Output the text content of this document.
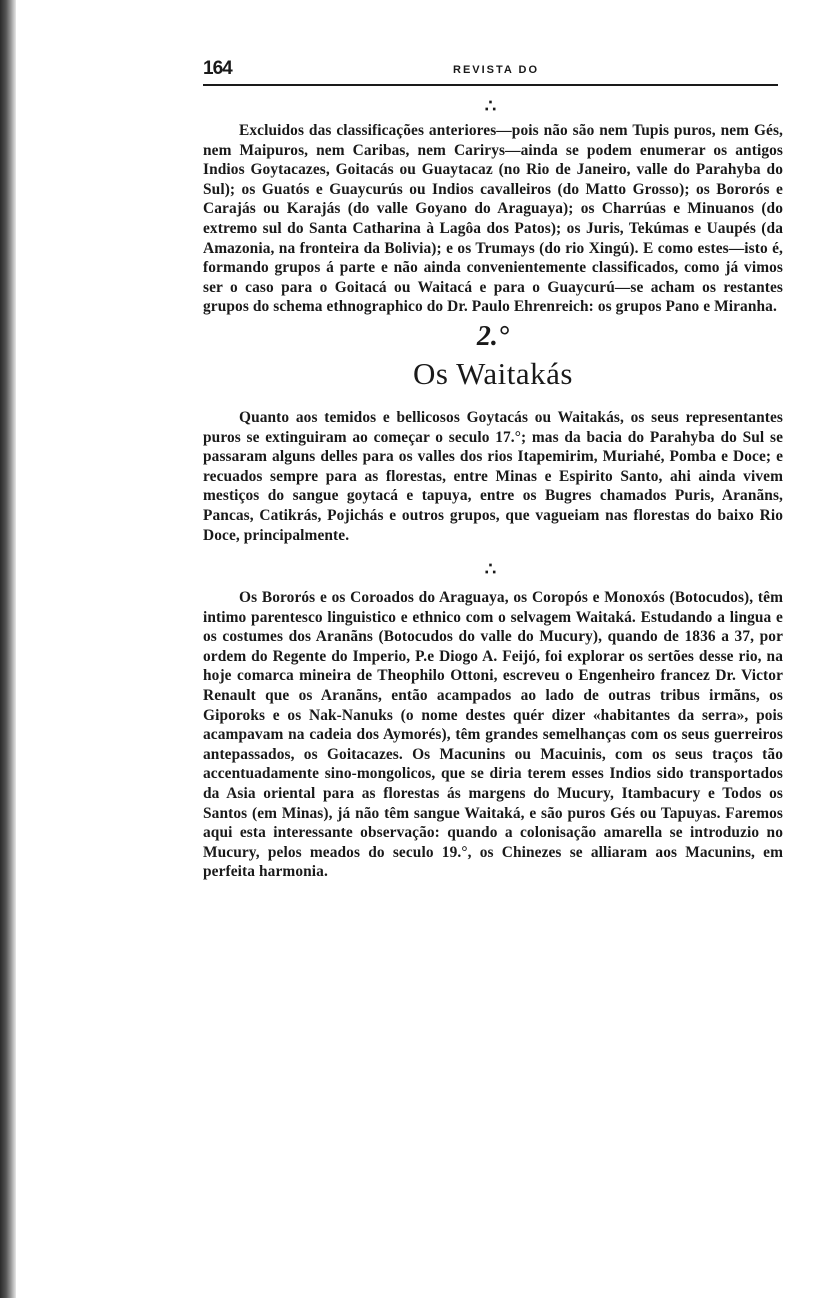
164	REVISTA DO
∴

Excluidos das classificações anteriores—pois não são nem Tupis puros, nem Gés, nem Maipuros, nem Caribas, nem Carirys—ainda se podem enumerar os antigos Indios Goytacazes, Goitacás ou Guaytacaz (no Rio de Janeiro, valle do Parahyba do Sul); os Guatós e Guaycurús ou Indios cavalleiros (do Matto Grosso); os Bororós e Carajás ou Karajás (do valle Goyano do Araguaya); os Charrúas e Minuanos (do extremo sul do Santa Catharina à Lagôa dos Patos); os Juris, Tekúmas e Uaupés (da Amazonia, na fronteira da Bolivia); e os Trumays (do rio Xingú). E como estes—isto é, formando grupos á parte e não ainda convenientemente classificados, como já vimos ser o caso para o Goitacá ou Waitacá e para o Guaycurú—se acham os restantes grupos do schema ethnographico do Dr. Paulo Ehrenreich: os grupos Pano e Miranha.

2.°
Os Waitakás

Quanto aos temidos e bellicosos Goytacás ou Waitakás, os seus representantes puros se extinguiram ao começar o seculo 17.°; mas da bacia do Parahyba do Sul se passaram alguns delles para os valles dos rios Itapemirim, Muriahé, Pomba e Doce; e recuados sempre para as florestas, entre Minas e Espirito Santo, ahi ainda vivem mestiços do sangue goytacá e tapuya, entre os Bugres chamados Puris, Aranãns, Pancas, Catikrás, Pojichás e outros grupos, que vagueiam nas florestas do baixo Rio Doce, principalmente.

∴

Os Bororós e os Coroados do Araguaya, os Coropós e Monoxós (Botocudos), têm intimo parentesco linguistico e ethnico com o selvagem Waitaká. Estudando a lingua e os costumes dos Aranãns (Botocudos do valle do Mucury), quando de 1836 a 37, por ordem do Regente do Imperio, P.e Diogo A. Feijó, foi explorar os sertões desse rio, na hoje comarca mineira de Theophilo Ottoni, escreveu o Engenheiro francez Dr. Victor Renault que os Aranãns, então acampados ao lado de outras tribus irmãns, os Giporoks e os Nak-Nanuks (o nome destes quér dizer «habitantes da serra», pois acampavam na cadeia dos Aymorés), têm grandes semelhanças com os seus guerreiros antepassados, os Goitacazes. Os Macunins ou Macuinis, com os seus traços tão accentuadamente sino-mongolicos, que se diria terem esses Indios sido transportados da Asia oriental para as florestas ás margens do Mucury, Itambacury e Todos os Santos (em Minas), já não têm sangue Waitaká, e são puros Gés ou Tapuyas. Faremos aqui esta interessante observação: quando a colonisação amarella se introduzio no Mucury, pelos meados do seculo 19.°, os Chinezes se alliaram aos Macunins, em perfeita harmonia.
